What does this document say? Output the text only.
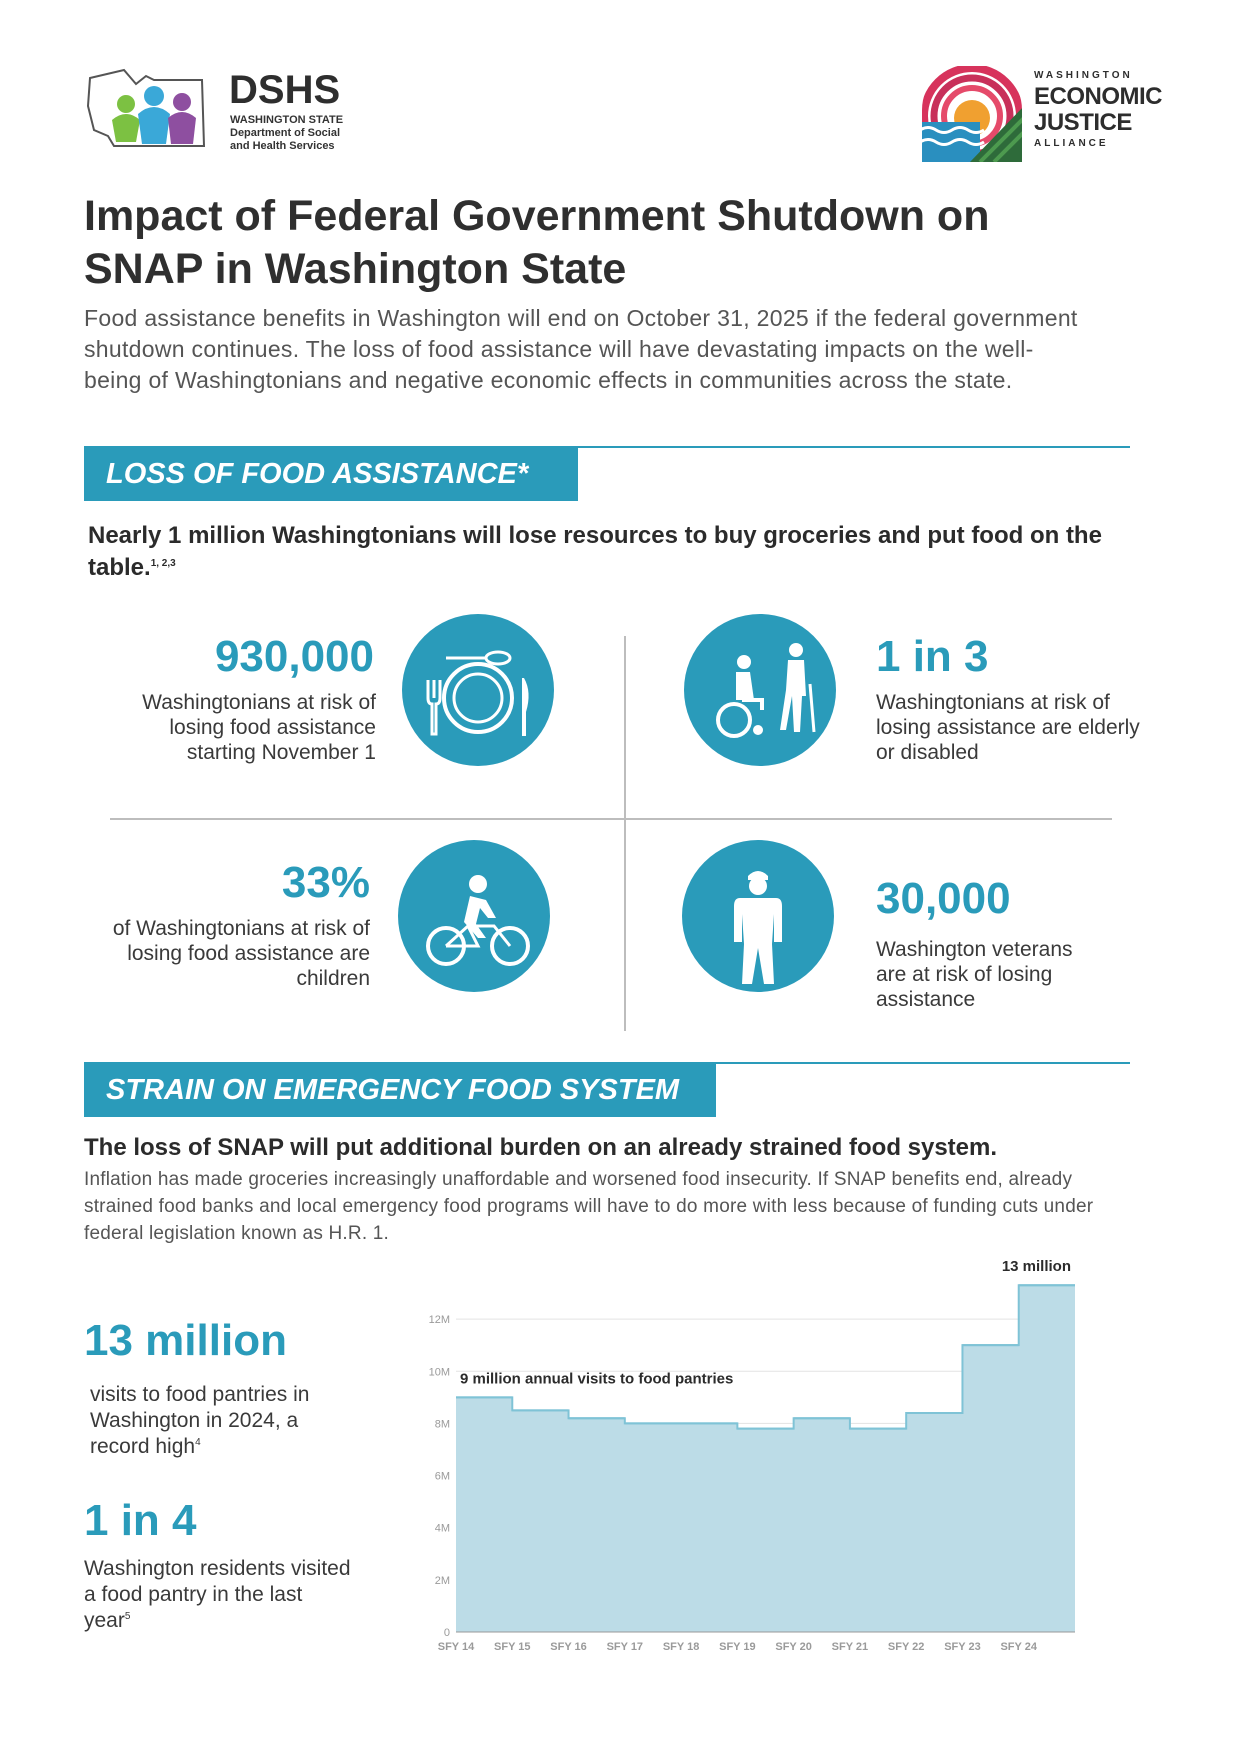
DSHS
WASHINGTON STATE
Department of Social
and Health Services
WASHINGTON
ECONOMIC
JUSTICE
ALLIANCE
Impact of Federal Government Shutdown on SNAP in Washington State
Food assistance benefits in Washington will end on October 31, 2025 if the federal government shutdown continues. The loss of food assistance will have devastating impacts on the well-being of Washingtonians and negative economic effects in communities across the state.
LOSS OF FOOD ASSISTANCE*
Nearly 1 million Washingtonians will lose resources to buy groceries and put food on the table.$^{1, 2,3}$
930,000
Washingtonians at risk of losing food assistance starting November 1
1 in 3
Washingtonians at risk of losing assistance are elderly or disabled
33%
of Washingtonians at risk of losing food assistance are children
30,000
Washington veterans are at risk of losing assistance
STRAIN ON EMERGENCY FOOD SYSTEM
The loss of SNAP will put additional burden on an already strained food system.
Inflation has made groceries increasingly unaffordable and worsened food insecurity. If SNAP benefits end, already strained food banks and local emergency food programs will have to do more with less because of funding cuts under federal legislation known as H.R. 1.
13 million
visits to food pantries in Washington in 2024, a record high$^4$
1 in 4
Washington residents visited a food pantry in the last year$^5$
0
2M
4M
6M
8M
10M
12M
SFY 14 SFY 15 SFY 16 SFY 17 SFY 18 SFY 19 SFY 20 SFY 21 SFY 22 SFY 23 SFY 24
9 million annual visits to food pantries
13 million
